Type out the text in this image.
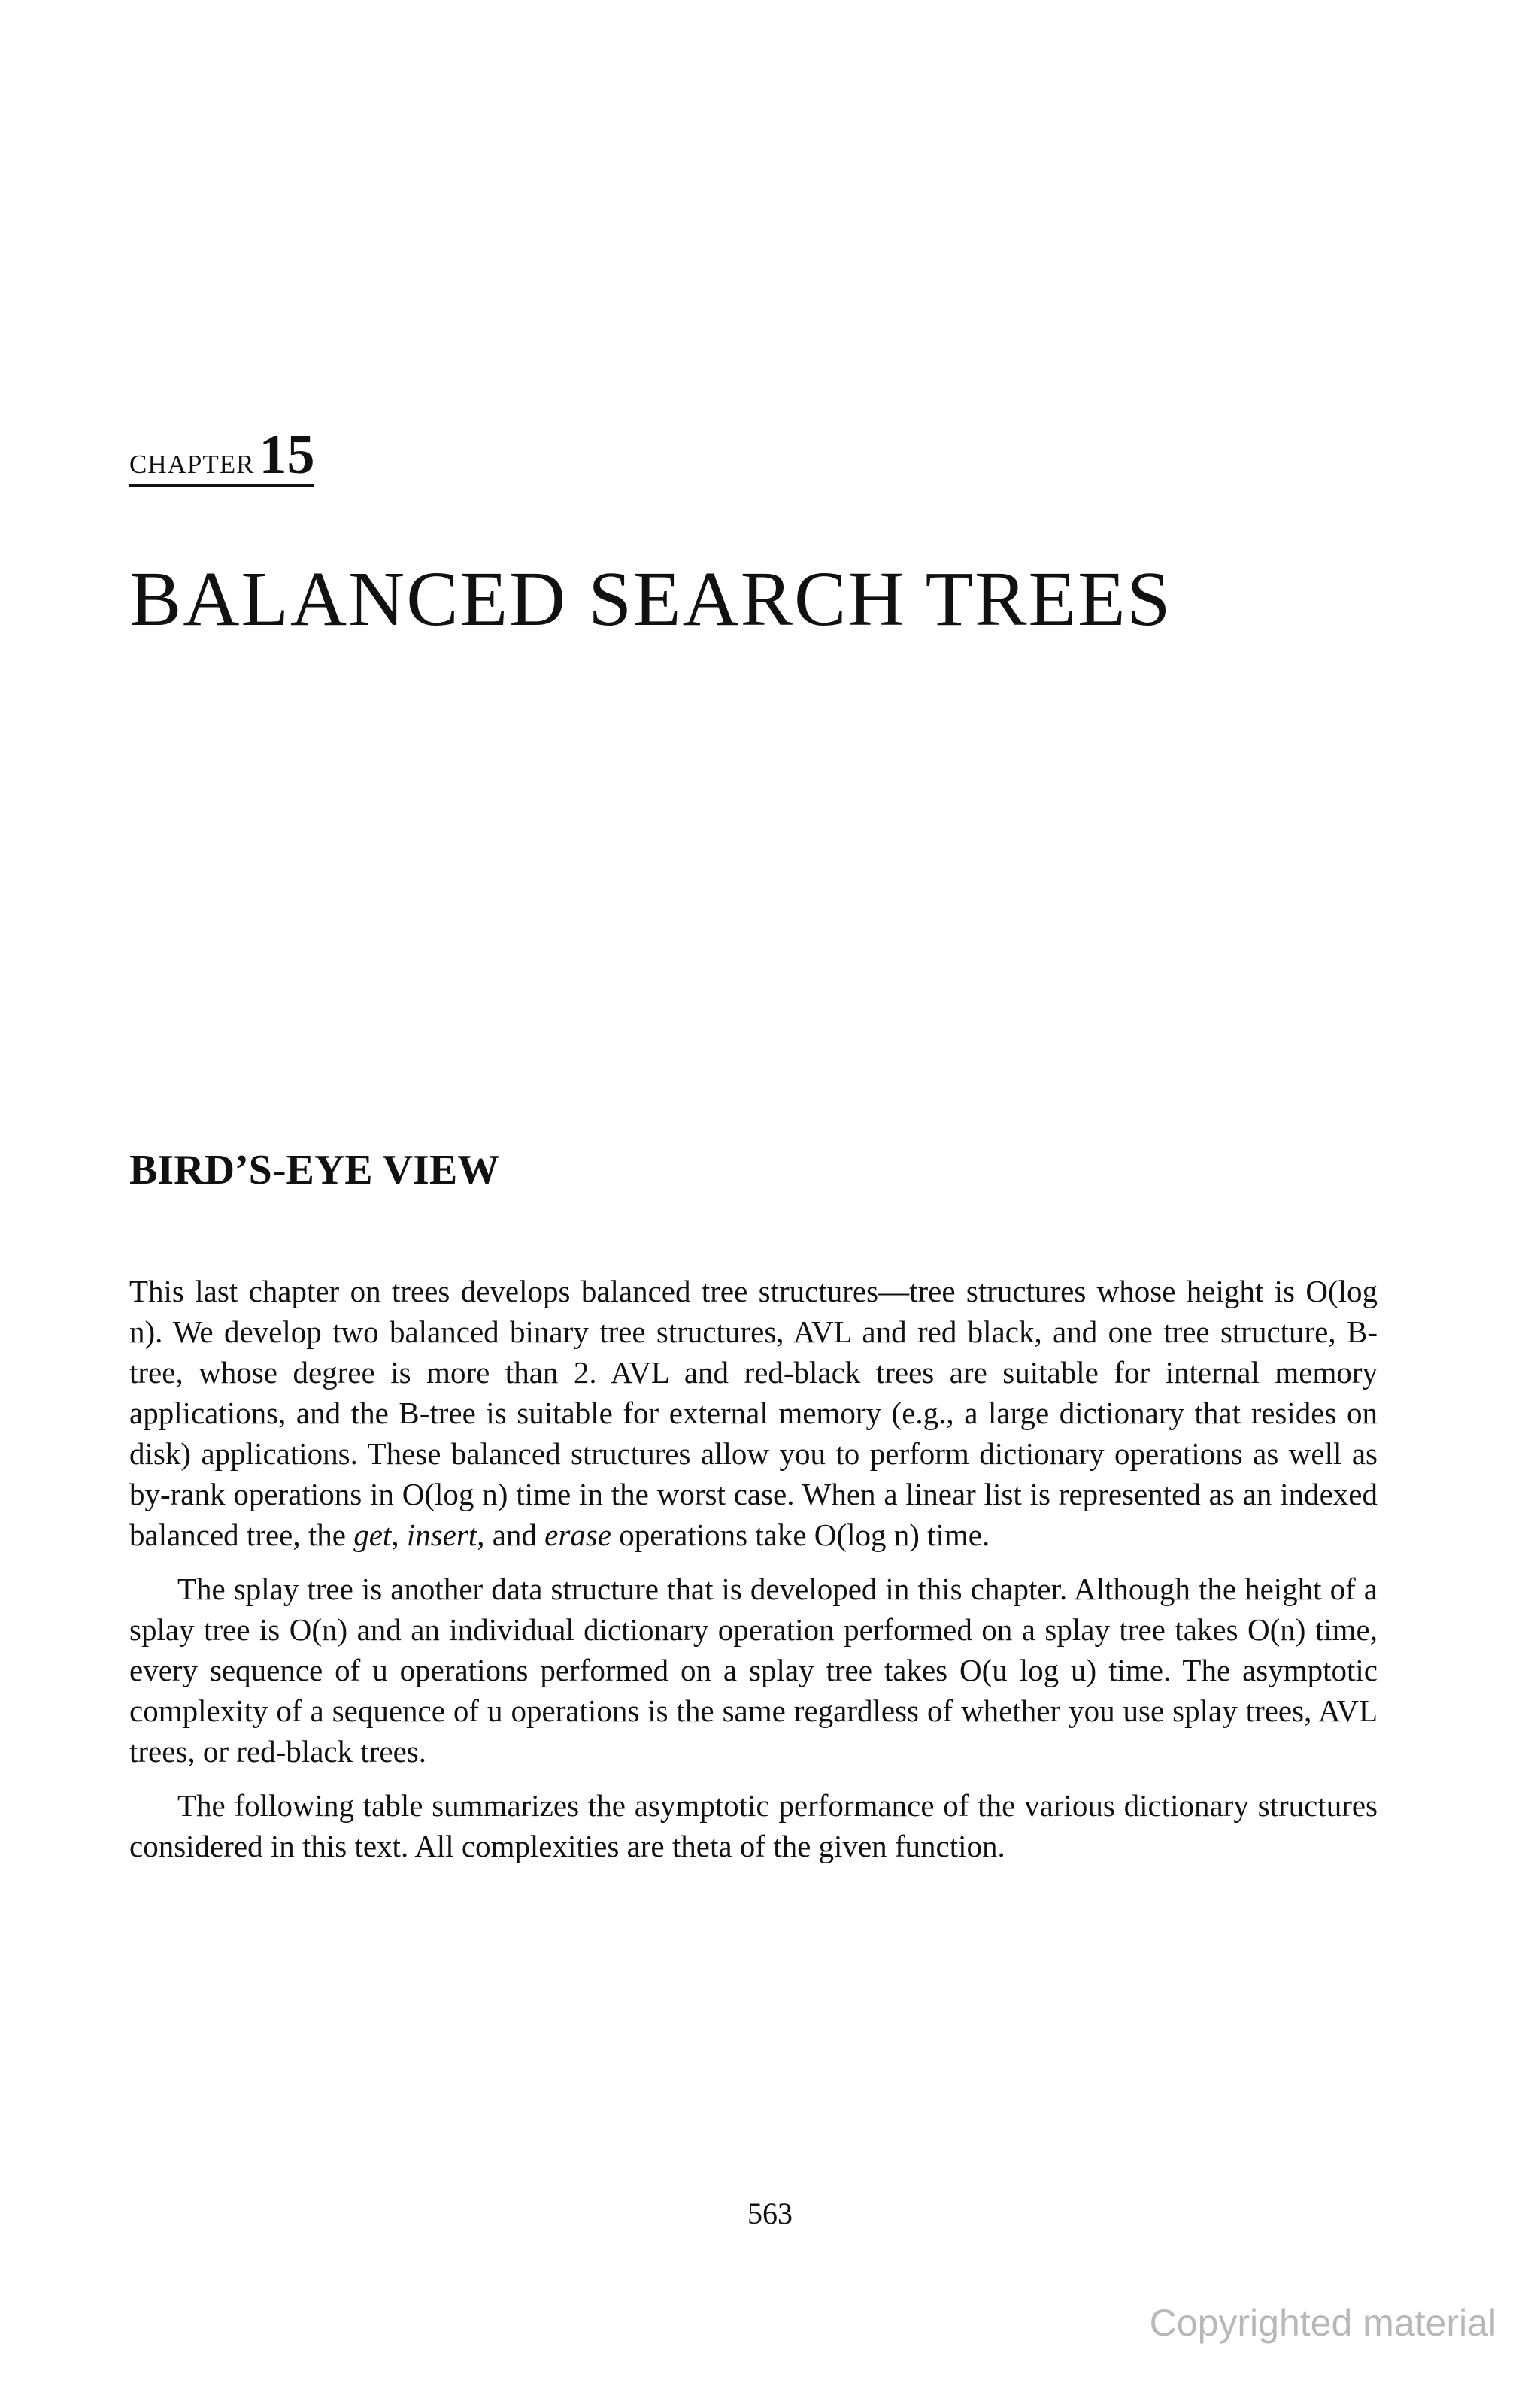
chapter15
BALANCED SEARCH TREES
BIRD’S-EYE VIEW

This last chapter on trees develops balanced tree structures—tree structures whose height is O(log n). We develop two balanced binary tree structures, AVL and red black, and one tree structure, B-tree, whose degree is more than 2. AVL and red-black trees are suitable for internal memory applications, and the B-tree is suitable for external memory (e.g., a large dictionary that resides on disk) applications. These balanced structures allow you to perform dictionary operations as well as by-rank operations in O(log n) time in the worst case. When a linear list is represented as an indexed balanced tree, the get, insert, and erase operations take O(log n) time.

The splay tree is another data structure that is developed in this chapter. Although the height of a splay tree is O(n) and an individual dictionary operation performed on a splay tree takes O(n) time, every sequence of u operations performed on a splay tree takes O(u log u) time. The asymptotic complexity of a sequence of u operations is the same regardless of whether you use splay trees, AVL trees, or red-black trees.

The following table summarizes the asymptotic performance of the various dictionary structures considered in this text. All complexities are theta of the given function.

563
Copyrighted material
